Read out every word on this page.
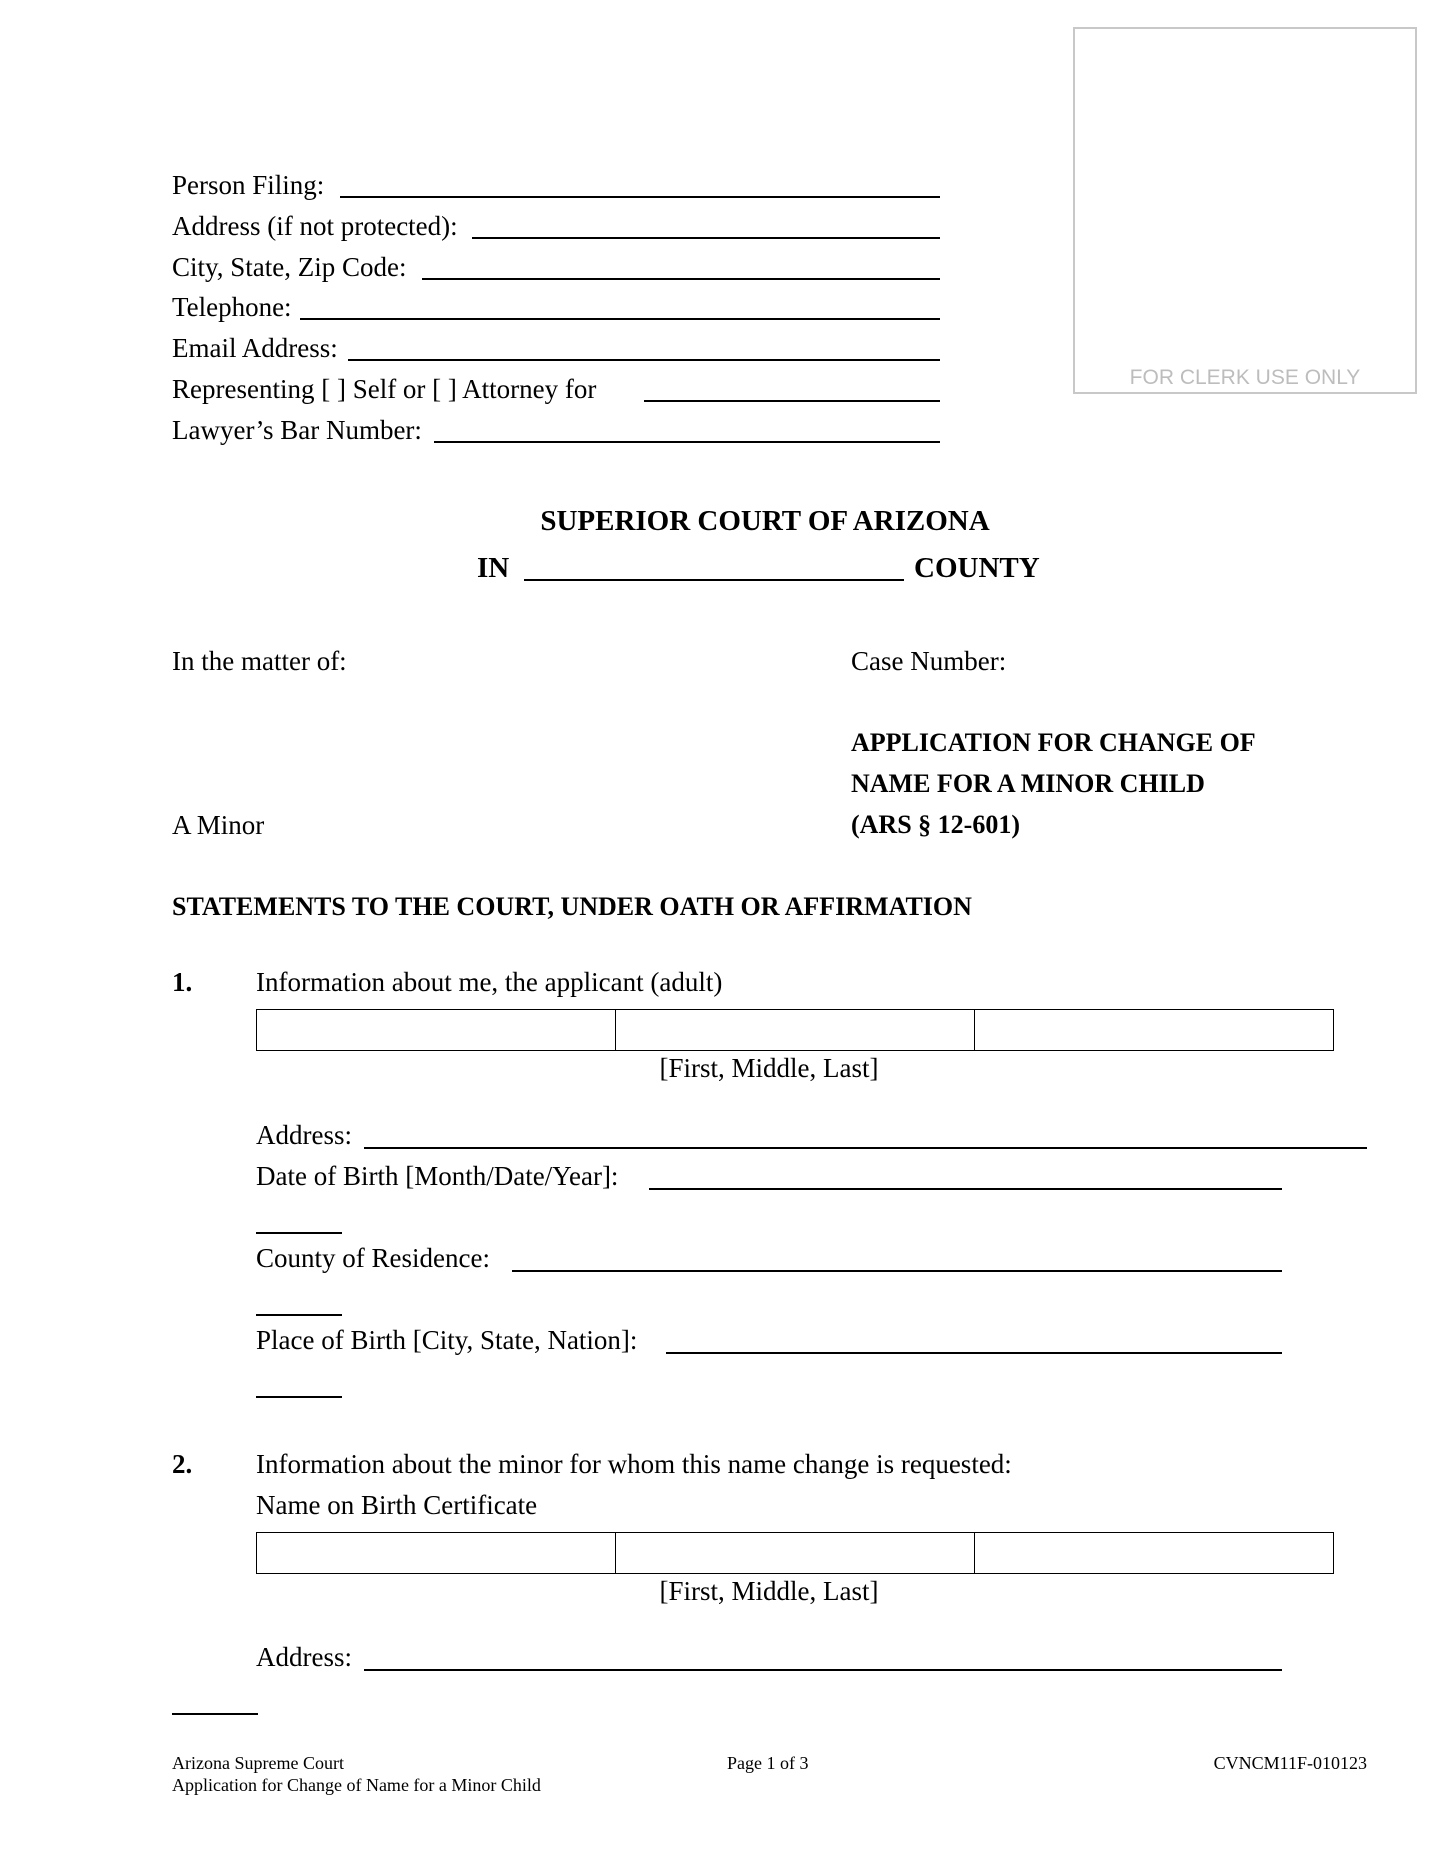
FOR CLERK USE ONLY
Person Filing:
Address (if not protected):
City, State, Zip Code:
Telephone:
Email Address:
Representing [ ] Self or [ ] Attorney for
Lawyer’s Bar Number:
SUPERIOR COURT OF ARIZONA
IN	COUNTY
In the matter of:	Case Number:
APPLICATION FOR CHANGE OF
NAME FOR A MINOR CHILD
(ARS § 12-601)
A Minor
STATEMENTS TO THE COURT, UNDER OATH OR AFFIRMATION
1. Information about me, the applicant (adult)
[First, Middle, Last]
Address:
Date of Birth [Month/Date/Year]:
County of Residence:
Place of Birth [City, State, Nation]:
2. Information about the minor for whom this name change is requested:
Name on Birth Certificate
[First, Middle, Last]
Address:
Arizona Supreme Court
Application for Change of Name for a Minor Child
Page 1 of 3	CVNCM11F-010123
